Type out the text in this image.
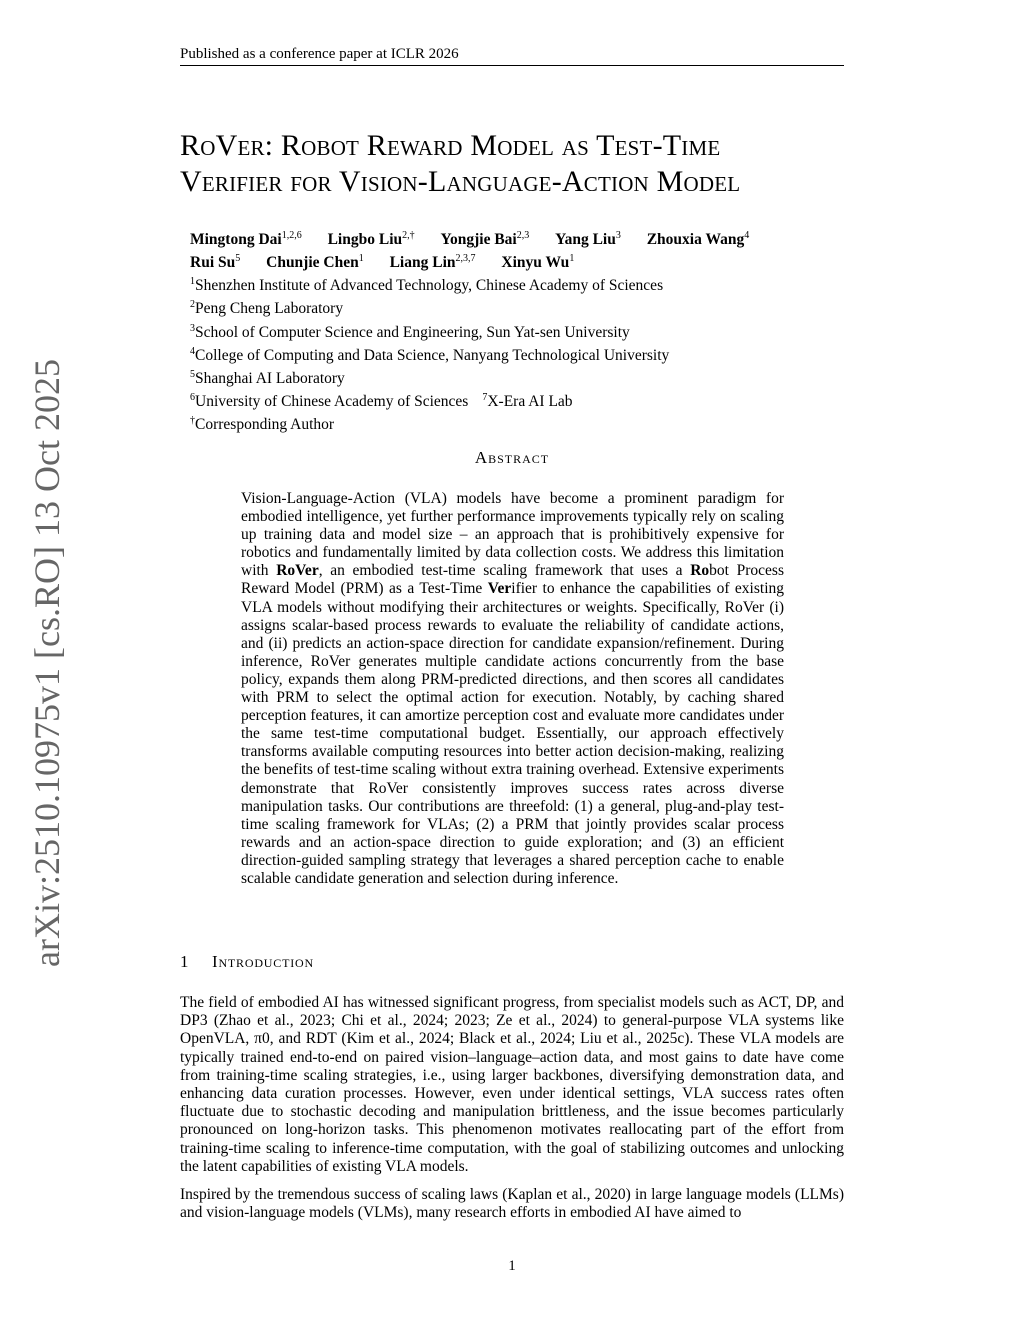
Published as a conference paper at ICLR 2026
arXiv:2510.10975v1 [cs.RO] 13 Oct 2025
RoVer: Robot Reward Model as Test-Time
Verifier for Vision-Language-Action Model
Mingtong Dai$^{1,2,6}$ Lingbo Liu$^{2,\dagger}$ Yongjie Bai$^{2,3}$ Yang Liu$^3$ Zhouxia Wang$^4$
Rui Su$^5$ Chunjie Chen$^1$ Liang Lin$^{2,3,7}$ Xinyu Wu$^1$
$^1$Shenzhen Institute of Advanced Technology, Chinese Academy of Sciences
$^2$Peng Cheng Laboratory
$^3$School of Computer Science and Engineering, Sun Yat-sen University
$^4$College of Computing and Data Science, Nanyang Technological University
$^5$Shanghai AI Laboratory
$^6$University of Chinese Academy of Sciences $^7$X-Era AI Lab
†Corresponding Author
Abstract
Vision-Language-Action (VLA) models have become a prominent paradigm for embodied intelligence, yet further performance improvements typically rely on scaling up training data and model size – an approach that is prohibitively expensive for robotics and fundamentally limited by data collection costs. We address this limitation with RoVer, an embodied test-time scaling framework that uses a Robot Process Reward Model (PRM) as a Test-Time Verifier to enhance the capabilities of existing VLA models without modifying their architectures or weights. Specifically, RoVer (i) assigns scalar-based process rewards to evaluate the reliability of candidate actions, and (ii) predicts an action-space direction for candidate expansion/refinement. During inference, RoVer generates multiple candidate actions concurrently from the base policy, expands them along PRM-predicted directions, and then scores all candidates with PRM to select the optimal action for execution. Notably, by caching shared perception features, it can amortize perception cost and evaluate more candidates under the same test-time computational budget. Essentially, our approach effectively transforms available computing resources into better action decision-making, realizing the benefits of test-time scaling without extra training overhead. Extensive experiments demonstrate that RoVer consistently improves success rates across diverse manipulation tasks. Our contributions are threefold: (1) a general, plug-and-play test-time scaling framework for VLAs; (2) a PRM that jointly provides scalar process rewards and an action-space direction to guide exploration; and (3) an efficient direction-guided sampling strategy that leverages a shared perception cache to enable scalable candidate generation and selection during inference.
1 Introduction

The field of embodied AI has witnessed significant progress, from specialist models such as ACT, DP, and DP3 (Zhao et al., 2023; Chi et al., 2024; 2023; Ze et al., 2024) to general-purpose VLA systems like OpenVLA, π0, and RDT (Kim et al., 2024; Black et al., 2024; Liu et al., 2025c). These VLA models are typically trained end-to-end on paired vision–language–action data, and most gains to date have come from training-time scaling strategies, i.e., using larger backbones, diversifying demonstration data, and enhancing data curation processes. However, even under identical settings, VLA success rates often fluctuate due to stochastic decoding and manipulation brittleness, and the issue becomes particularly pronounced on long-horizon tasks. This phenomenon motivates reallocating part of the effort from training-time scaling to inference-time computation, with the goal of stabilizing outcomes and unlocking the latent capabilities of existing VLA models.

Inspired by the tremendous success of scaling laws (Kaplan et al., 2020) in large language models (LLMs) and vision-language models (VLMs), many research efforts in embodied AI have aimed to

1
